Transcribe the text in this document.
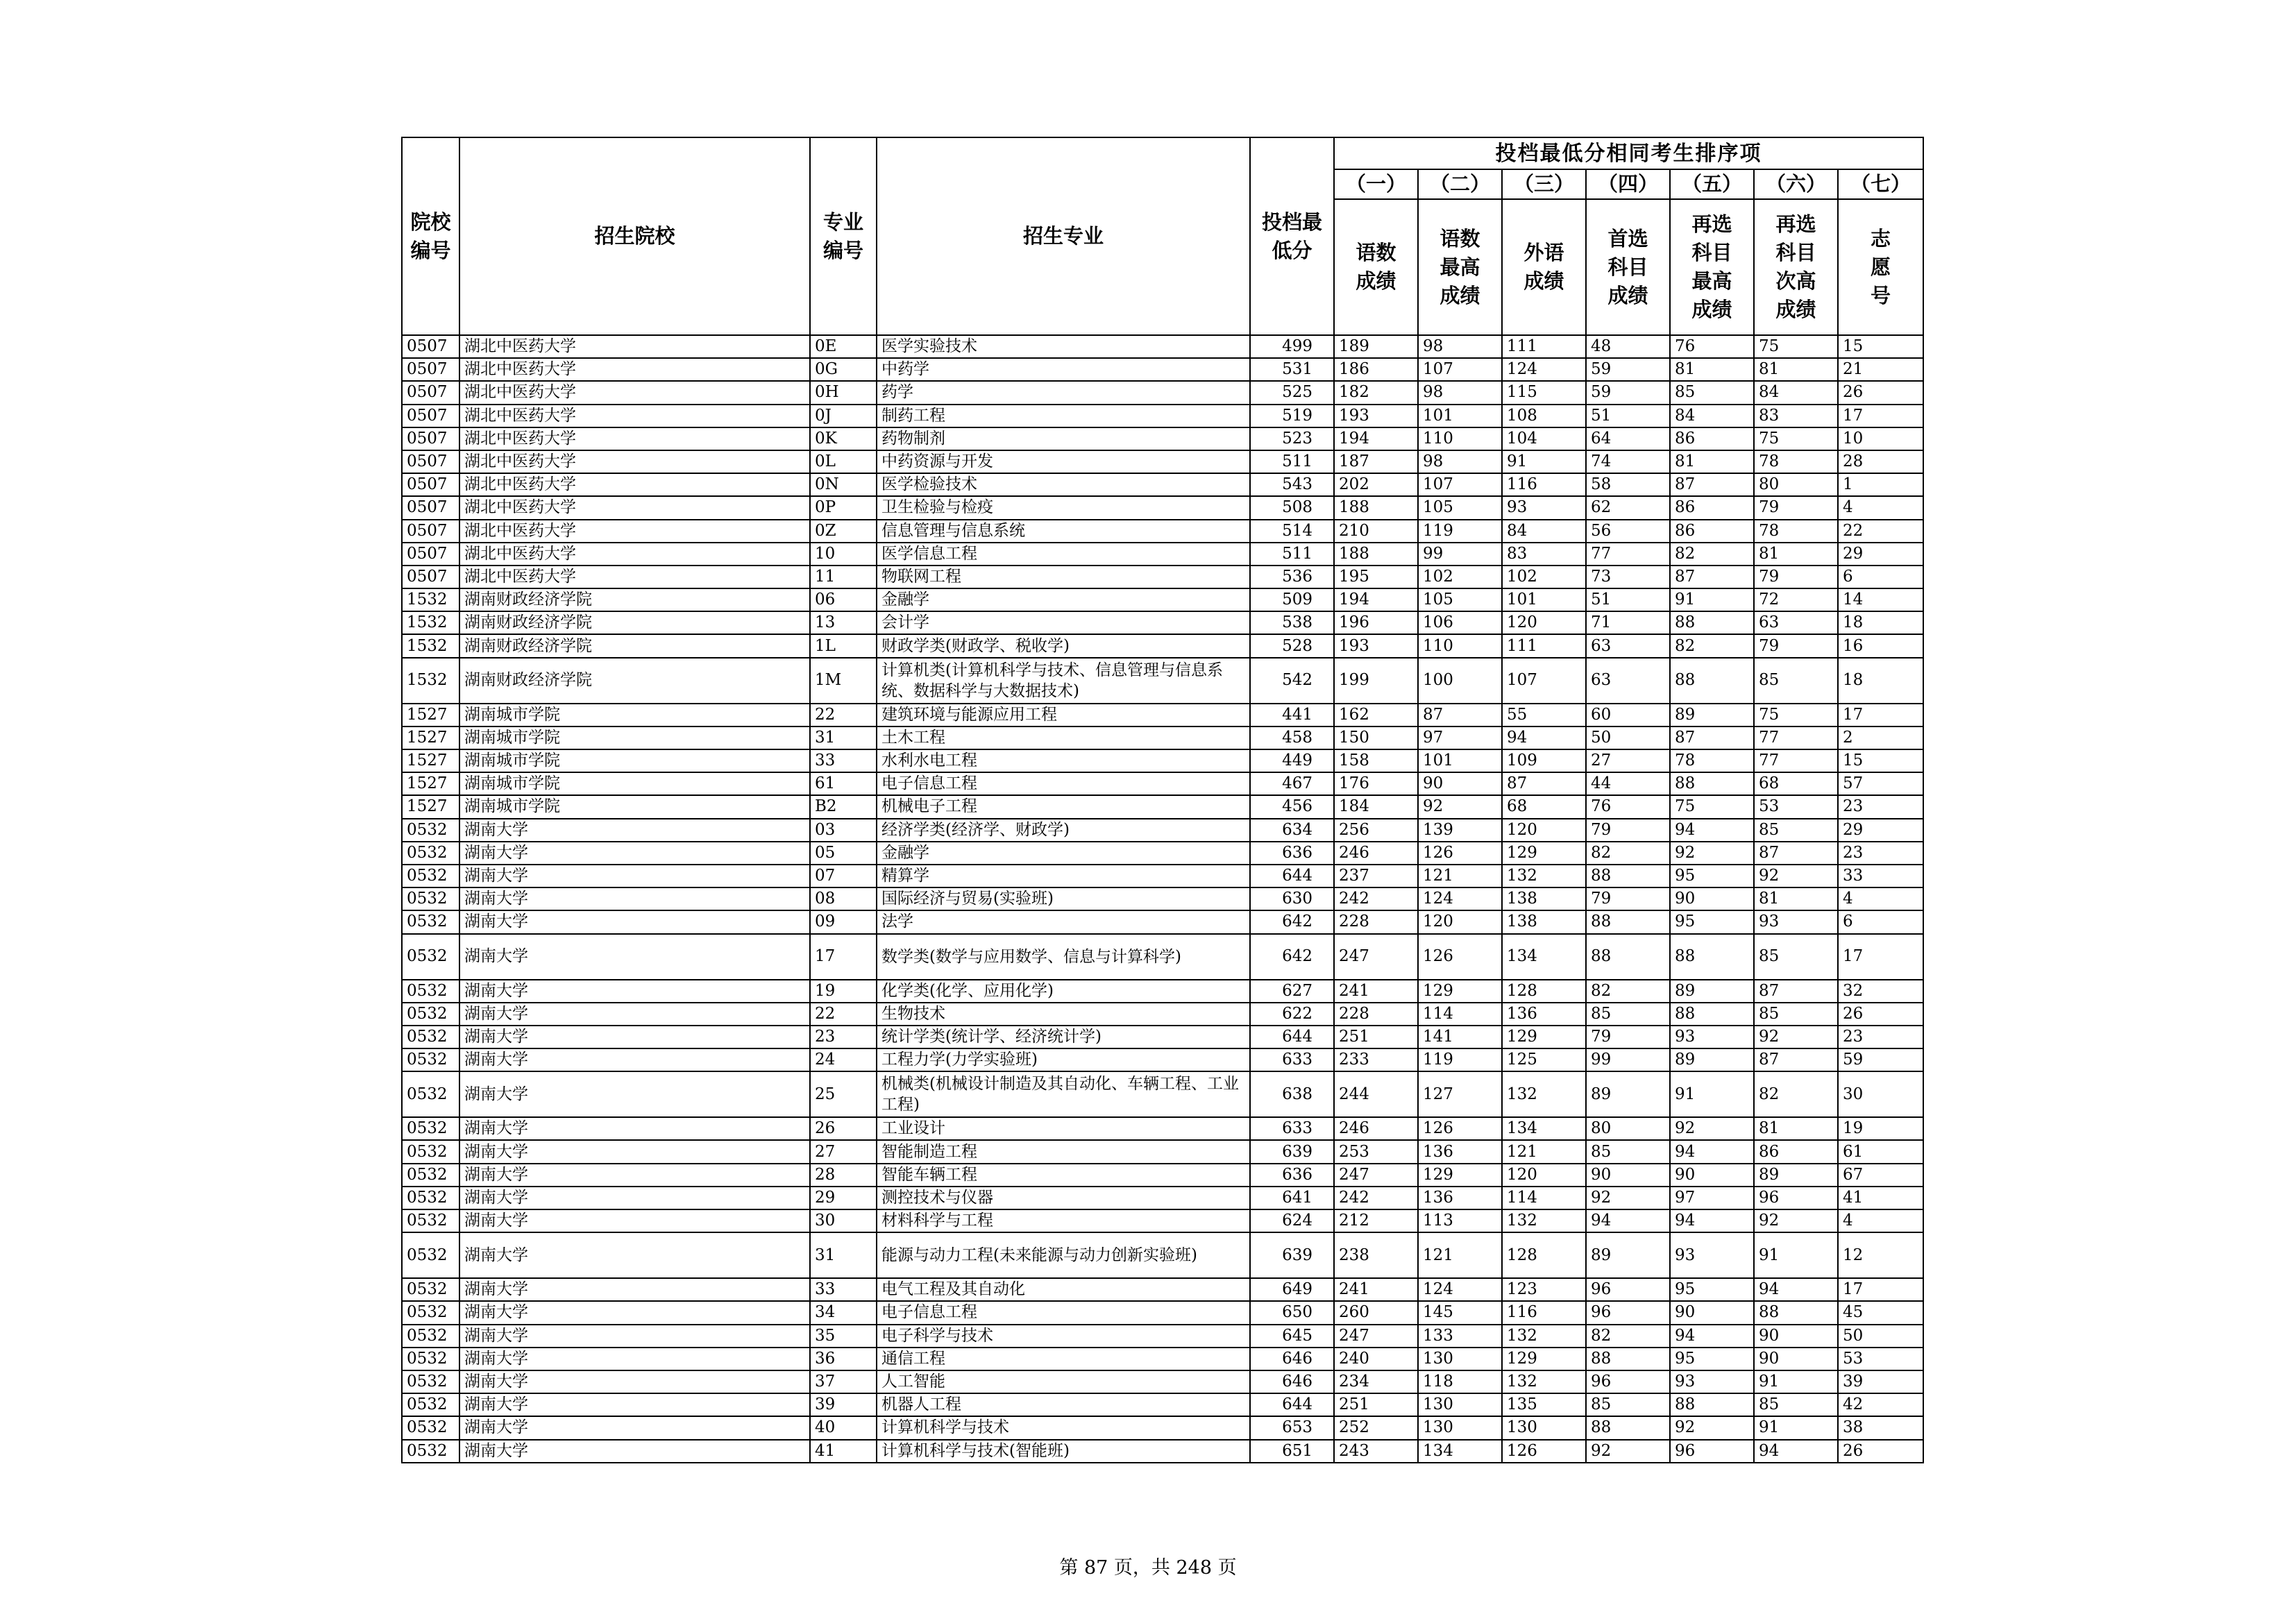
院校编号	招生院校	专业编号	招生专业	投档最低分	投档最低分相同考生排序项						
					（一）	（二）	（三）	（四）	（五）	（六）	（七）
					语数成绩	语数最高成绩	外语成绩	首选科目成绩	再选科目最高成绩	再选科目次高成绩	志愿号
0507	湖北中医药大学	0E	医学实验技术	499	189	98	111	48	76	75	15
0507	湖北中医药大学	0G	中药学	531	186	107	124	59	81	81	21
0507	湖北中医药大学	0H	药学	525	182	98	115	59	85	84	26
0507	湖北中医药大学	0J	制药工程	519	193	101	108	51	84	83	17
0507	湖北中医药大学	0K	药物制剂	523	194	110	104	64	86	75	10
0507	湖北中医药大学	0L	中药资源与开发	511	187	98	91	74	81	78	28
0507	湖北中医药大学	0N	医学检验技术	543	202	107	116	58	87	80	1
0507	湖北中医药大学	0P	卫生检验与检疫	508	188	105	93	62	86	79	4
0507	湖北中医药大学	0Z	信息管理与信息系统	514	210	119	84	56	86	78	22
0507	湖北中医药大学	10	医学信息工程	511	188	99	83	77	82	81	29
0507	湖北中医药大学	11	物联网工程	536	195	102	102	73	87	79	6
1532	湖南财政经济学院	06	金融学	509	194	105	101	51	91	72	14
1532	湖南财政经济学院	13	会计学	538	196	106	120	71	88	63	18
1532	湖南财政经济学院	1L	财政学类(财政学、税收学)	528	193	110	111	63	82	79	16
1532	湖南财政经济学院	1M	计算机类(计算机科学与技术、信息管理与信息系统、数据科学与大数据技术)	542	199	100	107	63	88	85	18
1527	湖南城市学院	22	建筑环境与能源应用工程	441	162	87	55	60	89	75	17
1527	湖南城市学院	31	土木工程	458	150	97	94	50	87	77	2
1527	湖南城市学院	33	水利水电工程	449	158	101	109	27	78	77	15
1527	湖南城市学院	61	电子信息工程	467	176	90	87	44	88	68	57
1527	湖南城市学院	B2	机械电子工程	456	184	92	68	76	75	53	23
0532	湖南大学	03	经济学类(经济学、财政学)	634	256	139	120	79	94	85	29
0532	湖南大学	05	金融学	636	246	126	129	82	92	87	23
0532	湖南大学	07	精算学	644	237	121	132	88	95	92	33
0532	湖南大学	08	国际经济与贸易(实验班)	630	242	124	138	79	90	81	4
0532	湖南大学	09	法学	642	228	120	138	88	95	93	6
0532	湖南大学	17	数学类(数学与应用数学、信息与计算科学)	642	247	126	134	88	88	85	17
0532	湖南大学	19	化学类(化学、应用化学)	627	241	129	128	82	89	87	32
0532	湖南大学	22	生物技术	622	228	114	136	85	88	85	26
0532	湖南大学	23	统计学类(统计学、经济统计学)	644	251	141	129	79	93	92	23
0532	湖南大学	24	工程力学(力学实验班)	633	233	119	125	99	89	87	59
0532	湖南大学	25	机械类(机械设计制造及其自动化、车辆工程、工业工程)	638	244	127	132	89	91	82	30
0532	湖南大学	26	工业设计	633	246	126	134	80	92	81	19
0532	湖南大学	27	智能制造工程	639	253	136	121	85	94	86	61
0532	湖南大学	28	智能车辆工程	636	247	129	120	90	90	89	67
0532	湖南大学	29	测控技术与仪器	641	242	136	114	92	97	96	41
0532	湖南大学	30	材料科学与工程	624	212	113	132	94	94	92	4
0532	湖南大学	31	能源与动力工程(未来能源与动力创新实验班)	639	238	121	128	89	93	91	12
0532	湖南大学	33	电气工程及其自动化	649	241	124	123	96	95	94	17
0532	湖南大学	34	电子信息工程	650	260	145	116	96	90	88	45
0532	湖南大学	35	电子科学与技术	645	247	133	132	82	94	90	50
0532	湖南大学	36	通信工程	646	240	130	129	88	95	90	53
0532	湖南大学	37	人工智能	646	234	118	132	96	93	91	39
0532	湖南大学	39	机器人工程	644	251	130	135	85	88	85	42
0532	湖南大学	40	计算机科学与技术	653	252	130	130	88	92	91	38
0532	湖南大学	41	计算机科学与技术(智能班)	651	243	134	126	92	96	94	26
第 87 页，共 248 页
